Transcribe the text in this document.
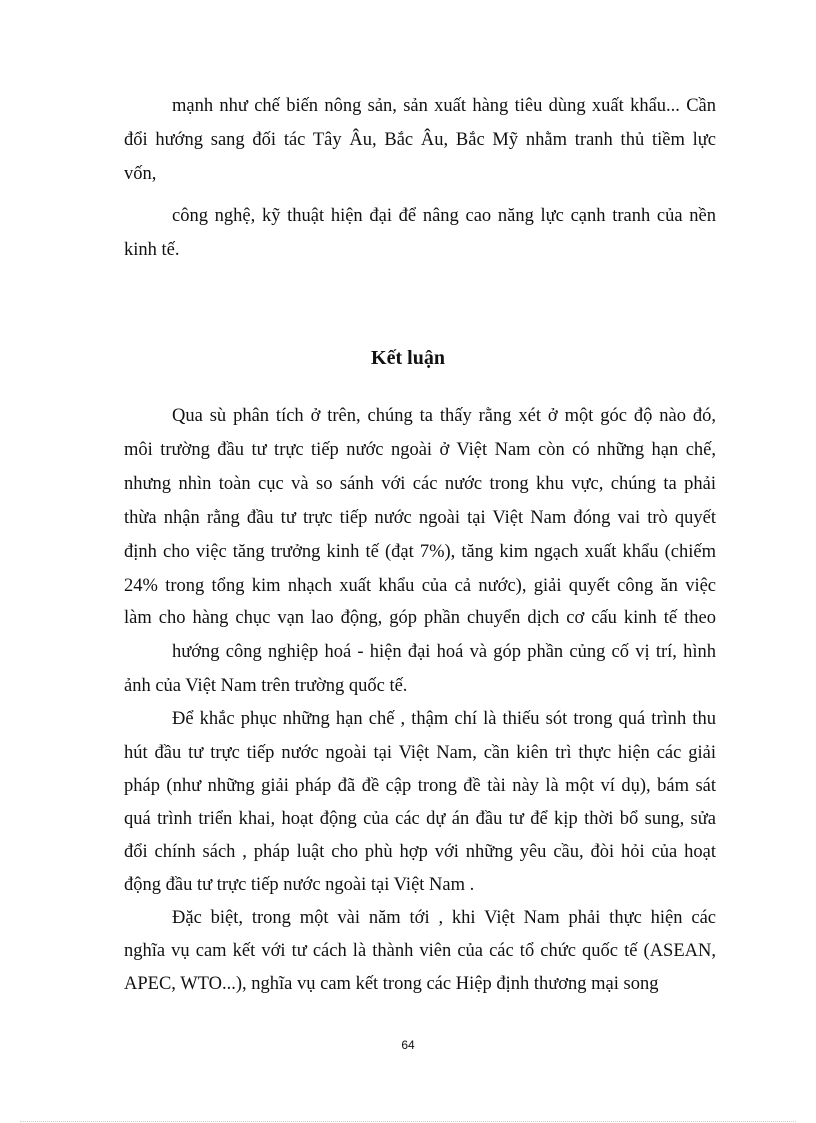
mạnh như chế biến nông sản, sản xuất hàng tiêu dùng xuất khẩu... Cần

đổi hướng sang đối tác Tây Âu, Bắc Âu, Bắc Mỹ nhằm tranh thủ tiềm lực

vốn,

công nghệ, kỹ thuật hiện đại để nâng cao năng lực cạnh tranh của nền

kinh tế.

Kết luận

Qua sù phân tích ở trên, chúng ta thấy rằng xét ở một góc độ nào đó,

môi trường đầu tư trực tiếp nước ngoài ở Việt Nam còn có những hạn chế,

nhưng nhìn toàn cục và so sánh với các nước trong khu vực, chúng ta phải

thừa nhận rằng đầu tư trực tiếp nước ngoài tại Việt Nam đóng vai trò quyết

định cho việc tăng trưởng kinh tế (đạt 7%), tăng kim ngạch xuất khẩu (chiếm

24% trong tổng kim nhạch xuất khẩu của cả nước), giải quyết công ăn việc

làm cho hàng chục vạn lao động, góp phần chuyển dịch cơ cấu kinh tế theo

hướng công nghiệp hoá - hiện đại hoá và góp phần củng cố vị trí, hình

ảnh của Việt Nam trên trường quốc tế.

Để khắc phục những hạn chế , thậm chí là thiếu sót trong quá trình thu

hút đầu tư trực tiếp nước ngoài tại Việt Nam, cần kiên trì thực hiện các giải

pháp (như những giải pháp đã đề cập trong đề tài này là một ví dụ), bám sát

quá trình triển khai, hoạt động của các dự án đầu tư để kịp thời bổ sung, sửa

đổi chính sách , pháp luật cho phù hợp với những yêu cầu, đòi hỏi của hoạt

động đầu tư trực tiếp nước ngoài tại Việt Nam .

Đặc biệt, trong một vài năm tới , khi Việt Nam phải thực hiện các

nghĩa vụ cam kết với tư cách là thành viên của các tổ chức quốc tế (ASEAN,

APEC, WTO...), nghĩa vụ cam kết trong các Hiệp định thương mại song

64
